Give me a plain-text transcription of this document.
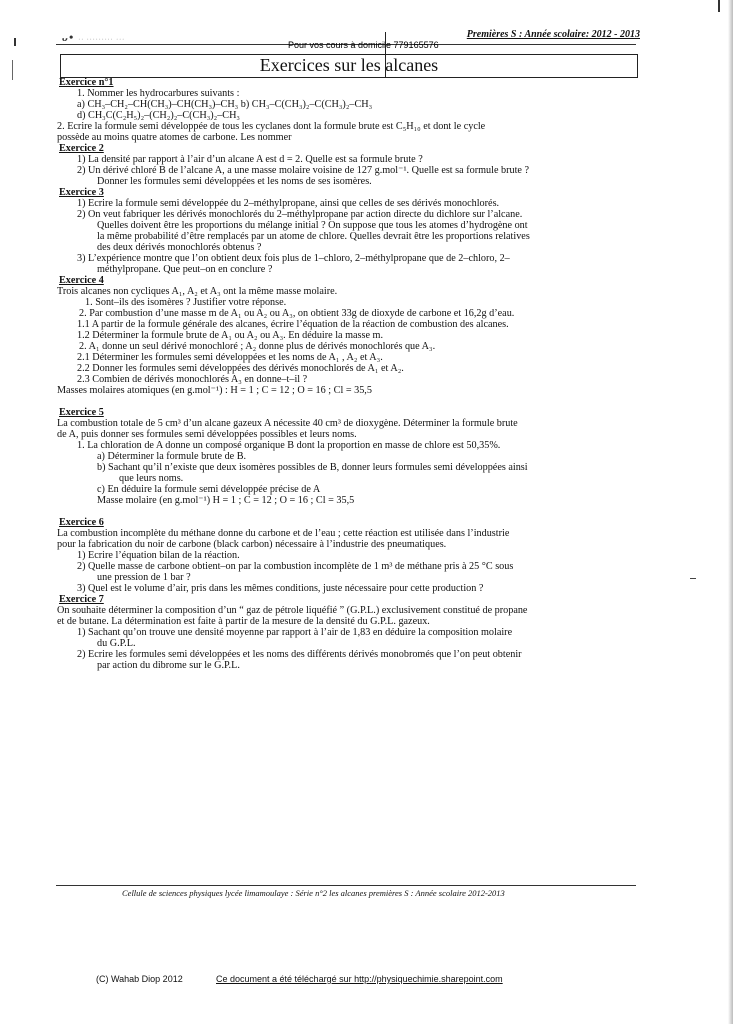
ᴗ• ·· ········· ···	Premières S : Année scolaire: 2012 - 2013
Pour vos cours à domicile 779165576
Exercices sur les alcanes
Exercice n°1
1. Nommer les hydrocarbures suivants :
a) CH₃–CH₂–CH(CH₃)–CH(CH₃)–CH₃ b) CH₃–C(CH₃)₂–C(CH₃)₂–CH₃
d) CH₃C(C₂H₅)₂–(CH₂)₂–C(CH₃)₂–CH₃
2. Ecrire la formule semi développée de tous les cyclanes dont la formule brute est C₅H₁₀ et dont le cycle
possède au moins quatre atomes de carbone. Les nommer
Exercice 2
1) La densité par rapport à l’air d’un alcane A est d = 2. Quelle est sa formule brute ?
2) Un dérivé chloré B de l’alcane A, a une masse molaire voisine de 127 g.mol⁻¹. Quelle est sa formule brute ?
Donner les formules semi développées et les noms de ses isomères.
Exercice 3
1) Ecrire la formule semi développée du 2–méthylpropane, ainsi que celles de ses dérivés monochlorés.
2) On veut fabriquer les dérivés monochlorés du 2–méthylpropane par action directe du dichlore sur l’alcane.
Quelles doivent être les proportions du mélange initial ? On suppose que tous les atomes d’hydrogène ont
la même probabilité d’être remplacés par un atome de chlore. Quelles devrait être les proportions relatives
des deux dérivés monochlorés obtenus ?
3) L’expérience montre que l’on obtient deux fois plus de 1–chloro, 2–méthylpropane que de 2–chloro, 2–
méthylpropane. Que peut–on en conclure ?
Exercice 4
Trois alcanes non cycliques A₁, A₂ et A₃ ont la même masse molaire.
1. Sont–ils des isomères ? Justifier votre réponse.
2. Par combustion d’une masse m de A₁ ou A₂ ou A₃, on obtient 33g de dioxyde de carbone et 16,2g d’eau.
1.1 A partir de la formule générale des alcanes, écrire l’équation de la réaction de combustion des alcanes.
1.2 Déterminer la formule brute de A₁ ou A₂ ou A₃. En déduire la masse m.
2. A₁ donne un seul dérivé monochloré ; A₂ donne plus de dérivés monochlorés que A₃.
2.1 Déterminer les formules semi développées et les noms de A₁ , A₂ et A₃.
2.2 Donner les formules semi développées des dérivés monochlorés de A₁ et A₂.
2.3 Combien de dérivés monochlorés A₃ en donne–t–il ?
Masses molaires atomiques (en g.mol⁻¹) : H = 1 ; C = 12 ; O = 16 ; Cl = 35,5
Exercice 5
La combustion totale de 5 cm³ d’un alcane gazeux A nécessite 40 cm³ de dioxygène. Déterminer la formule brute
de A, puis donner ses formules semi développées possibles et leurs noms.
1. La chloration de A donne un composé organique B dont la proportion en masse de chlore est 50,35%.
a) Déterminer la formule brute de B.
b) Sachant qu’il n’existe que deux isomères possibles de B, donner leurs formules semi développées ainsi
que leurs noms.
c) En déduire la formule semi développée précise de A
Masse molaire (en g.mol⁻¹) H = 1 ; C = 12 ; O = 16 ; Cl = 35,5
Exercice 6
La combustion incomplète du méthane donne du carbone et de l’eau ; cette réaction est utilisée dans l’industrie
pour la fabrication du noir de carbone (black carbon) nécessaire à l’industrie des pneumatiques.
1) Ecrire l’équation bilan de la réaction.
2) Quelle masse de carbone obtient–on par la combustion incomplète de 1 m³ de méthane pris à 25 °C sous
une pression de 1 bar ?
3) Quel est le volume d’air, pris dans les mêmes conditions, juste nécessaire pour cette production ?
Exercice 7
On souhaite déterminer la composition d’un “ gaz de pétrole liquéfié ” (G.P.L.) exclusivement constitué de propane
et de butane. La détermination est faite à partir de la mesure de la densité du G.P.L. gazeux.
1) Sachant qu’on trouve une densité moyenne par rapport à l’air de 1,83 en déduire la composition molaire
du G.P.L.
2) Ecrire les formules semi développées et les noms des différents dérivés monobromés que l’on peut obtenir
par action du dibrome sur le G.P.L.
Cellule de sciences physiques lycée limamoulaye : Série n°2 les alcanes premières S : Année scolaire 2012-2013
(C) Wahab Diop 2012	Ce document a été téléchargé sur http://physiquechimie.sharepoint.com
